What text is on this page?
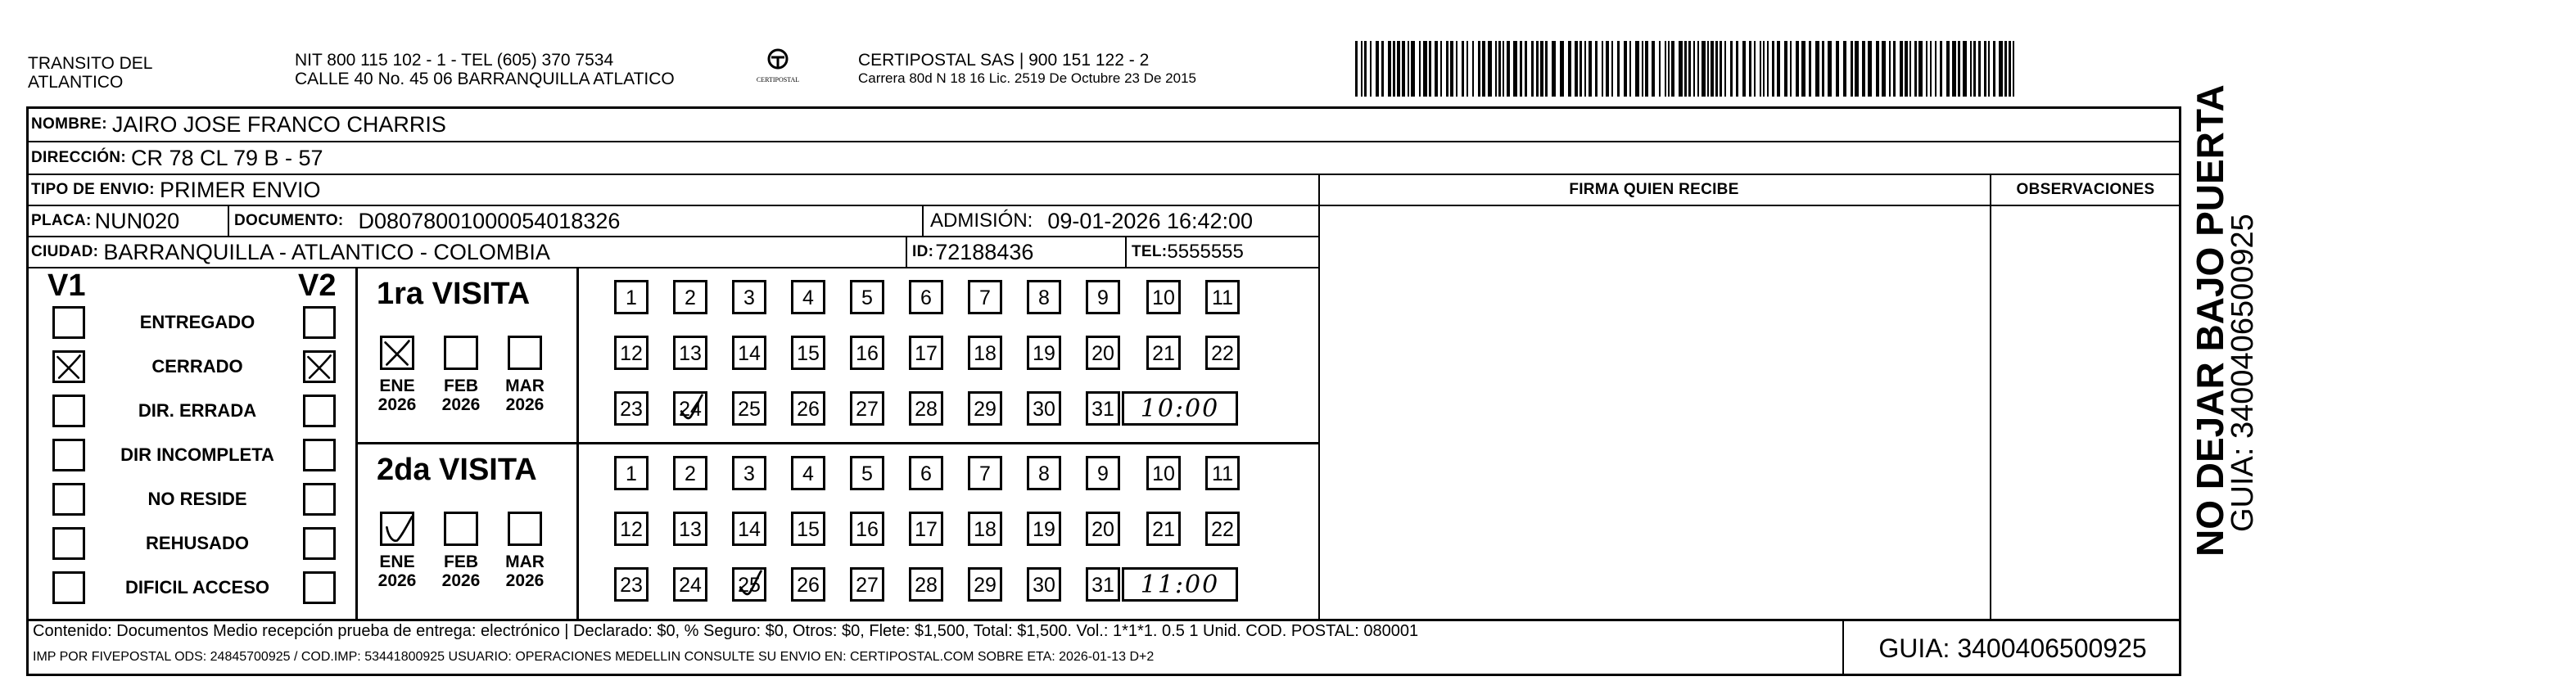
TRANSITO DEL
ATLANTICO
NIT 800 115 102 - 1 - TEL (605) 370 7534
CALLE 40 No. 45 06 BARRANQUILLA ATLATICO	CERTIPOSTAL
CERTIPOSTAL SAS | 900 151 122 - 2
Carrera 80d N 18 16 Lic. 2519 De Octubre 23 De 2015
NOMBRE: JAIRO JOSE FRANCO CHARRIS
DIRECCIÓN: CR 78 CL 79 B - 57
TIPO DE ENVIO: PRIMER ENVIO	FIRMA QUIEN RECIBE	OBSERVACIONES
PLACA: NUN020	DOCUMENTO: D08078001000054018326	ADMISIÓN: 09-01-2026 16:42:00
CIUDAD: BARRANQUILLA - ATLANTICO - COLOMBIA	ID: 72188436	TEL: 5555555
V1	V2
ENTREGADO
CERRADO
DIR. ERRADA
DIR INCOMPLETA
NO RESIDE
REHUSADO
DIFICIL ACCESO
1ra VISITA
ENE
2026
FEB
2026
MAR
2026
1	2	3	4	5	6	7	8	9	10	11
12 13 14 15 16 17 18 19 20 21 22
23 24 25 26 27 28 29 30 31	10:00
2da VISITA
ENE
2026
FEB
2026
MAR
2026
1	2	3	4	5	6	7	8	9	10	11
12 13 14 15 16 17 18 19 20 21 22
23 24 25 26 27 28 29 30 31	11:00
Contenido: Documentos Medio recepción prueba de entrega: electrónico | Declarado: $0, % Seguro: $0, Otros: $0, Flete: $1,500, Total: $1,500. Vol.: 1*1*1. 0.5 1 Unid. COD. POSTAL: 080001
IMP POR FIVEPOSTAL ODS: 24845700925 / COD.IMP: 53441800925 USUARIO: OPERACIONES MEDELLIN CONSULTE SU ENVIO EN: CERTIPOSTAL.COM SOBRE ETA: 2026-01-13 D+2	GUIA: 3400406500925
NO DEJAR BAJO PUERTA
GUIA: 3400406500925
